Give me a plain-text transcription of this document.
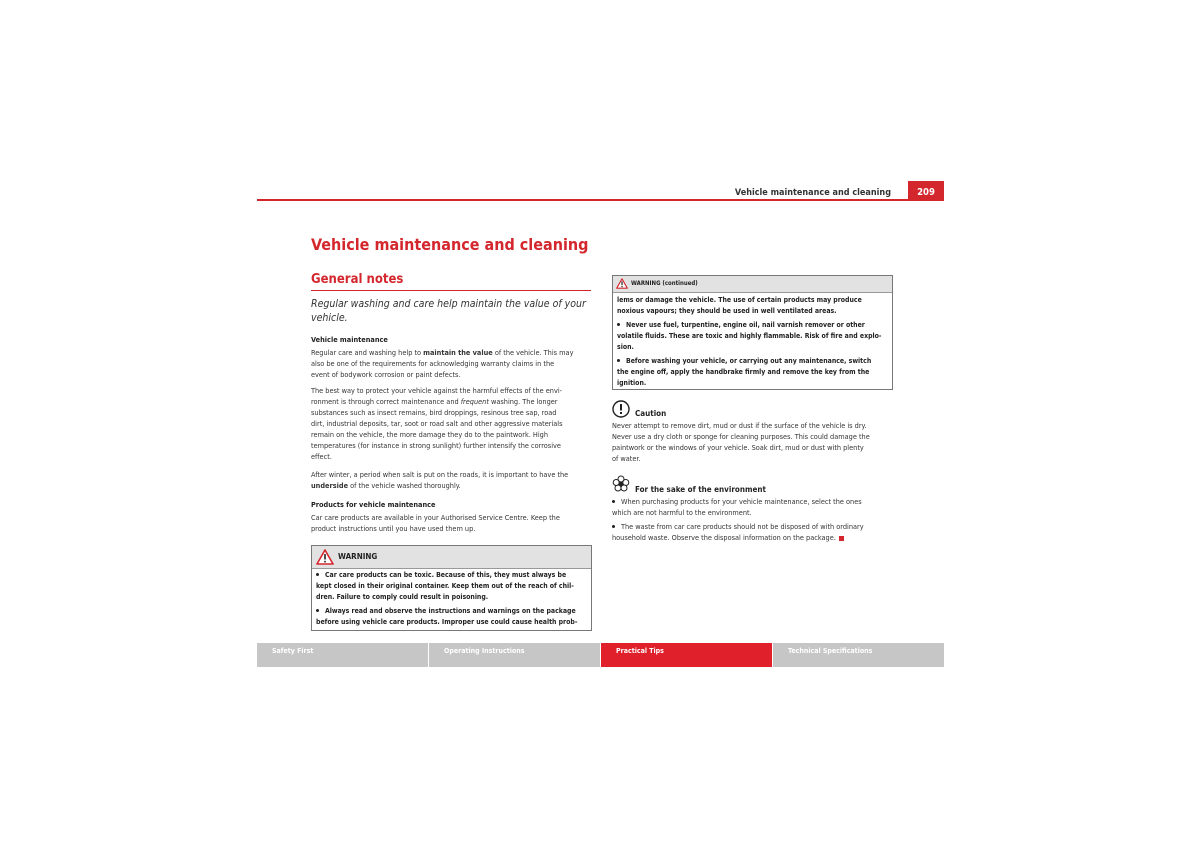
Vehicle maintenance and cleaning	209
Vehicle maintenance and cleaning
General notes
Regular washing and care help maintain the value of your
vehicle.
Vehicle maintenance

Regular care and washing help to maintain the value of the vehicle. This may

also be one of the requirements for acknowledging warranty claims in the

event of bodywork corrosion or paint defects.

The best way to protect your vehicle against the harmful effects of the envi-

ronment is through correct maintenance and frequent washing. The longer

substances such as insect remains, bird droppings, resinous tree sap, road

dirt, industrial deposits, tar, soot or road salt and other aggressive materials

remain on the vehicle, the more damage they do to the paintwork. High

temperatures (for instance in strong sunlight) further intensify the corrosive

effect.

After winter, a period when salt is put on the roads, it is important to have the

underside of the vehicle washed thoroughly.

Products for vehicle maintenance

Car care products are available in your Authorised Service Centre. Keep the

product instructions until you have used them up.

WARNING
Car care products can be toxic. Because of this, they must always be
kept closed in their original container. Keep them out of the reach of chil-
dren. Failure to comply could result in poisoning.
Always read and observe the instructions and warnings on the package
before using vehicle care products. Improper use could cause health prob-
WARNING (continued)
lems or damage the vehicle. The use of certain products may produce
noxious vapours; they should be used in well ventilated areas.
Never use fuel, turpentine, engine oil, nail varnish remover or other
volatile fluids. These are toxic and highly flammable. Risk of fire and explo-
sion.
Before washing your vehicle, or carrying out any maintenance, switch
the engine off, apply the handbrake firmly and remove the key from the
ignition.
Caution

Never attempt to remove dirt, mud or dust if the surface of the vehicle is dry.

Never use a dry cloth or sponge for cleaning purposes. This could damage the

paintwork or the windows of your vehicle. Soak dirt, mud or dust with plenty

of water.

For the sake of the environment

When purchasing products for your vehicle maintenance, select the ones

which are not harmful to the environment.

The waste from car care products should not be disposed of with ordinary

household waste. Observe the disposal information on the package.

Safety First	Operating Instructions	Practical Tips	Technical Specifications
